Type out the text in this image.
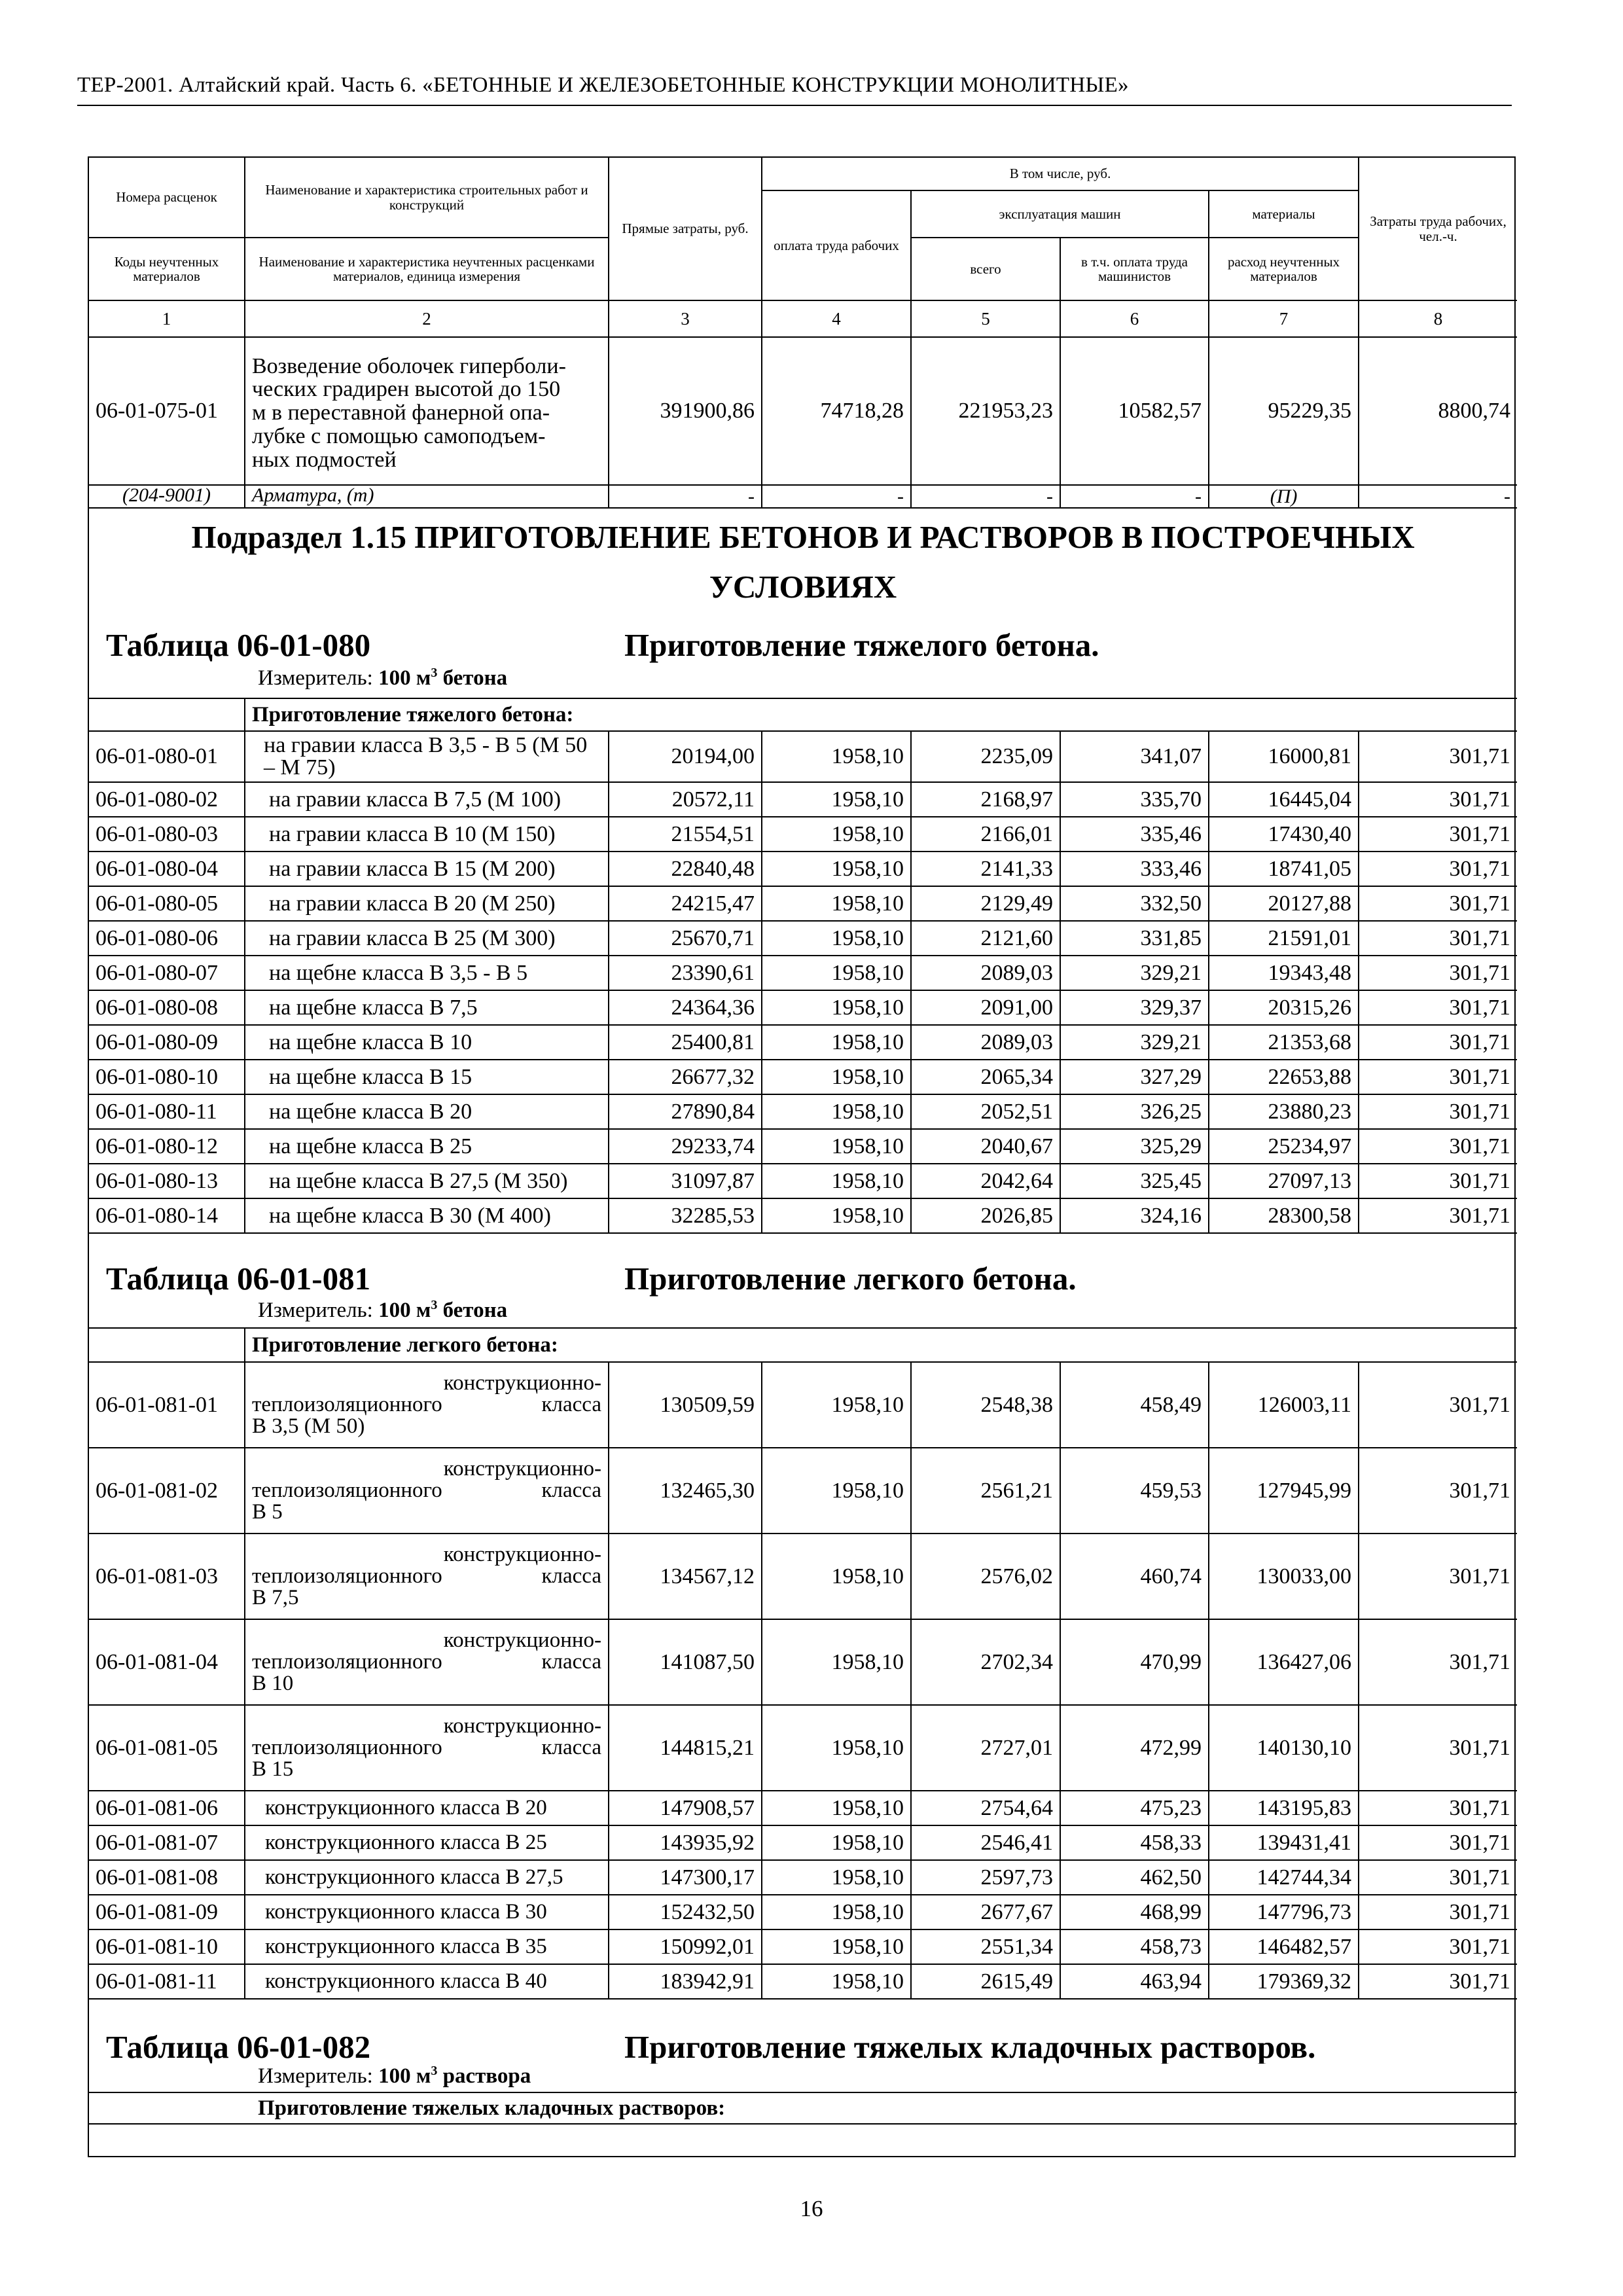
ТЕР-2001. Алтайский край. Часть 6. «БЕТОННЫЕ И ЖЕЛЕЗОБЕТОННЫЕ КОНСТРУКЦИИ МОНОЛИТНЫЕ»
Номера расценок	Наименование и характеристика строительных работ и конструкций	Прямые затраты, руб.	В том числе, руб.				Затраты труда рабочих, чел.-ч.
			оплата труда рабочих	эксплуатация машин		материалы	
Коды неучтенных материалов	Наименование и характеристика неучтенных расценками материалов, единица измерения			всего	в т.ч. оплата труда машинистов	расход неучтенных материалов	
1	2	3	4	5	6	7	8
06-01-075-01	Возведение оболочек гиперболи-
ческих градирен высотой до 150
м в переставной фанерной опа-
лубке с помощью самоподъем-
ных подмостей	391900,86	74718,28	221953,23	10582,57	95229,35	8800,74
(204-9001)	Арматура, (т)	-	-	-	-	(П)	-

Подраздел 1.15 ПРИГОТОВЛЕНИЕ БЕТОНОВ И РАСТВОРОВ В ПОСТРОЕЧНЫХ
УСЛОВИЯХ							

Таблица 06-01-080 Приготовление тяжелого бетона.							

Измеритель: 100 $м^3$ бетона							
	Приготовление тяжелого бетона:						
06-01-080-01	на гравии класса В 3,5 - В 5 (М 50 – М 75)	20194,00	1958,10	2235,09	341,07	16000,81	301,71
06-01-080-02	на гравии класса В 7,5 (М 100)	20572,11	1958,10	2168,97	335,70	16445,04	301,71
06-01-080-03	на гравии класса В 10 (М 150)	21554,51	1958,10	2166,01	335,46	17430,40	301,71
06-01-080-04	на гравии класса В 15 (М 200)	22840,48	1958,10	2141,33	333,46	18741,05	301,71
06-01-080-05	на гравии класса В 20 (М 250)	24215,47	1958,10	2129,49	332,50	20127,88	301,71
06-01-080-06	на гравии класса В 25 (М 300)	25670,71	1958,10	2121,60	331,85	21591,01	301,71
06-01-080-07	на щебне класса В 3,5 - В 5	23390,61	1958,10	2089,03	329,21	19343,48	301,71
06-01-080-08	на щебне класса В 7,5	24364,36	1958,10	2091,00	329,37	20315,26	301,71
06-01-080-09	на щебне класса В 10	25400,81	1958,10	2089,03	329,21	21353,68	301,71
06-01-080-10	на щебне класса В 15	26677,32	1958,10	2065,34	327,29	22653,88	301,71
06-01-080-11	на щебне класса В 20	27890,84	1958,10	2052,51	326,25	23880,23	301,71
06-01-080-12	на щебне класса В 25	29233,74	1958,10	2040,67	325,29	25234,97	301,71
06-01-080-13	на щебне класса В 27,5 (М 350)	31097,87	1958,10	2042,64	325,45	27097,13	301,71
06-01-080-14	на щебне класса В 30 (М 400)	32285,53	1958,10	2026,85	324,16	28300,58	301,71

Таблица 06-01-081 Приготовление легкого бетона.							

Измеритель: 100 $м^3$ бетона							
	Приготовление легкого бетона:						
06-01-081-01	конструкционно-
теплоизоляционного класса
В 3,5 (М 50)	130509,59	1958,10	2548,38	458,49	126003,11	301,71
06-01-081-02	конструкционно-
теплоизоляционного класса
В 5	132465,30	1958,10	2561,21	459,53	127945,99	301,71
06-01-081-03	конструкционно-
теплоизоляционного класса
В 7,5	134567,12	1958,10	2576,02	460,74	130033,00	301,71
06-01-081-04	конструкционно-
теплоизоляционного класса
В 10	141087,50	1958,10	2702,34	470,99	136427,06	301,71
06-01-081-05	конструкционно-
теплоизоляционного класса
В 15	144815,21	1958,10	2727,01	472,99	140130,10	301,71
06-01-081-06	конструкционного класса В 20	147908,57	1958,10	2754,64	475,23	143195,83	301,71
06-01-081-07	конструкционного класса В 25	143935,92	1958,10	2546,41	458,33	139431,41	301,71
06-01-081-08	конструкционного класса В 27,5	147300,17	1958,10	2597,73	462,50	142744,34	301,71
06-01-081-09	конструкционного класса В 30	152432,50	1958,10	2677,67	468,99	147796,73	301,71
06-01-081-10	конструкционного класса В 35	150992,01	1958,10	2551,34	458,73	146482,57	301,71
06-01-081-11	конструкционного класса В 40	183942,91	1958,10	2615,49	463,94	179369,32	301,71

Таблица 06-01-082 Приготовление тяжелых кладочных растворов.							

Измеритель: 100 $м^3$ раствора							
Приготовление тяжелых кладочных растворов:							
16
